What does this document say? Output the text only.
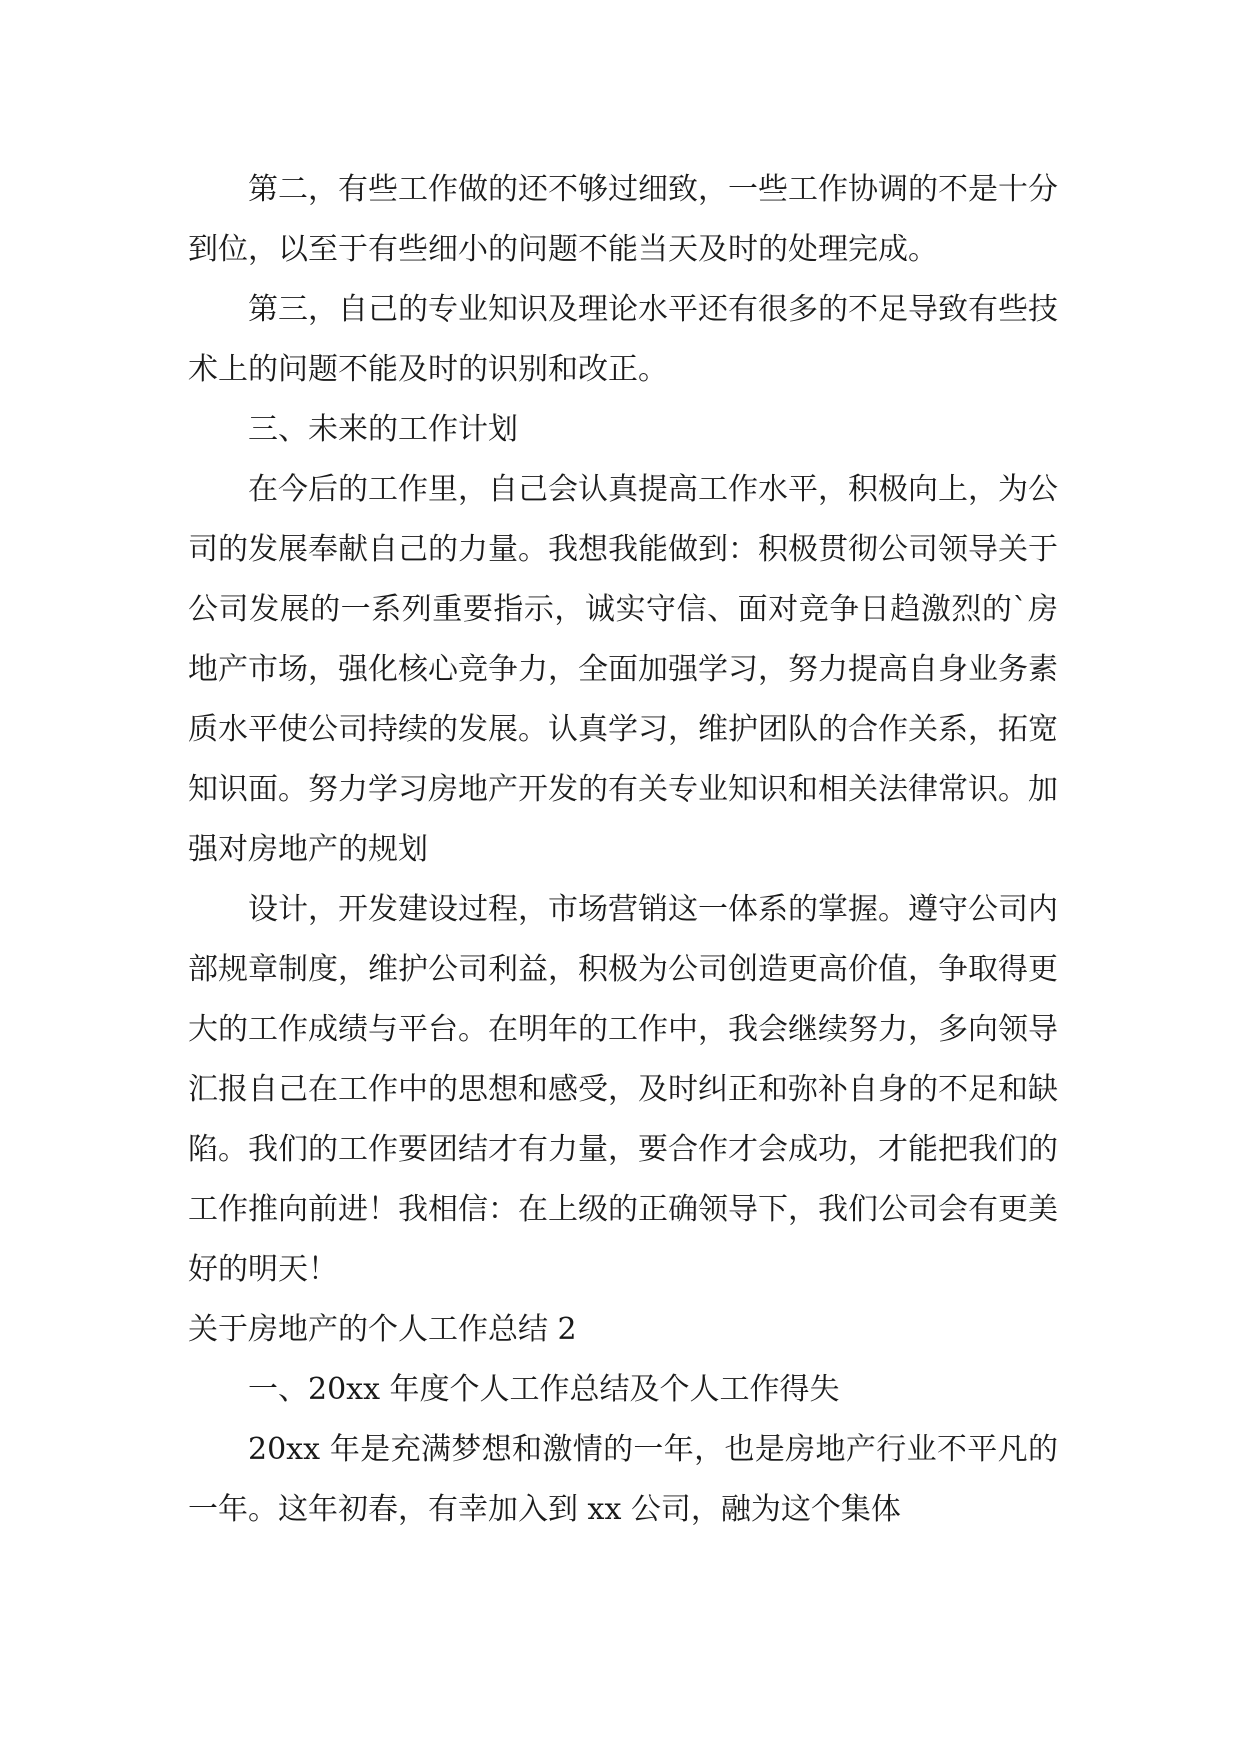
第二，有些工作做的还不够过细致，一些工作协调的不是十分到位，以至于有些细小的问题不能当天及时的处理完成。

第三，自己的专业知识及理论水平还有很多的不足导致有些技术上的问题不能及时的识别和改正。

三、未来的工作计划

在今后的工作里，自己会认真提高工作水平，积极向上，为公司的发展奉献自己的力量。我想我能做到：积极贯彻公司领导关于公司发展的一系列重要指示，诚实守信、面对竞争日趋激烈的`房地产市场，强化核心竞争力，全面加强学习，努力提高自身业务素质水平使公司持续的发展。认真学习，维护团队的合作关系，拓宽知识面。努力学习房地产开发的有关专业知识和相关法律常识。加强对房地产的规划

设计，开发建设过程，市场营销这一体系的掌握。遵守公司内部规章制度，维护公司利益，积极为公司创造更高价值，争取得更大的工作成绩与平台。在明年的工作中，我会继续努力，多向领导汇报自己在工作中的思想和感受，及时纠正和弥补自身的不足和缺陷。我们的工作要团结才有力量，要合作才会成功，才能把我们的工作推向前进！我相信：在上级的正确领导下，我们公司会有更美好的明天！

关于房地产的个人工作总结 2

一、20xx 年度个人工作总结及个人工作得失

20xx 年是充满梦想和激情的一年，也是房地产行业不平凡的一年。这年初春，有幸加入到 xx 公司，融为这个集体
